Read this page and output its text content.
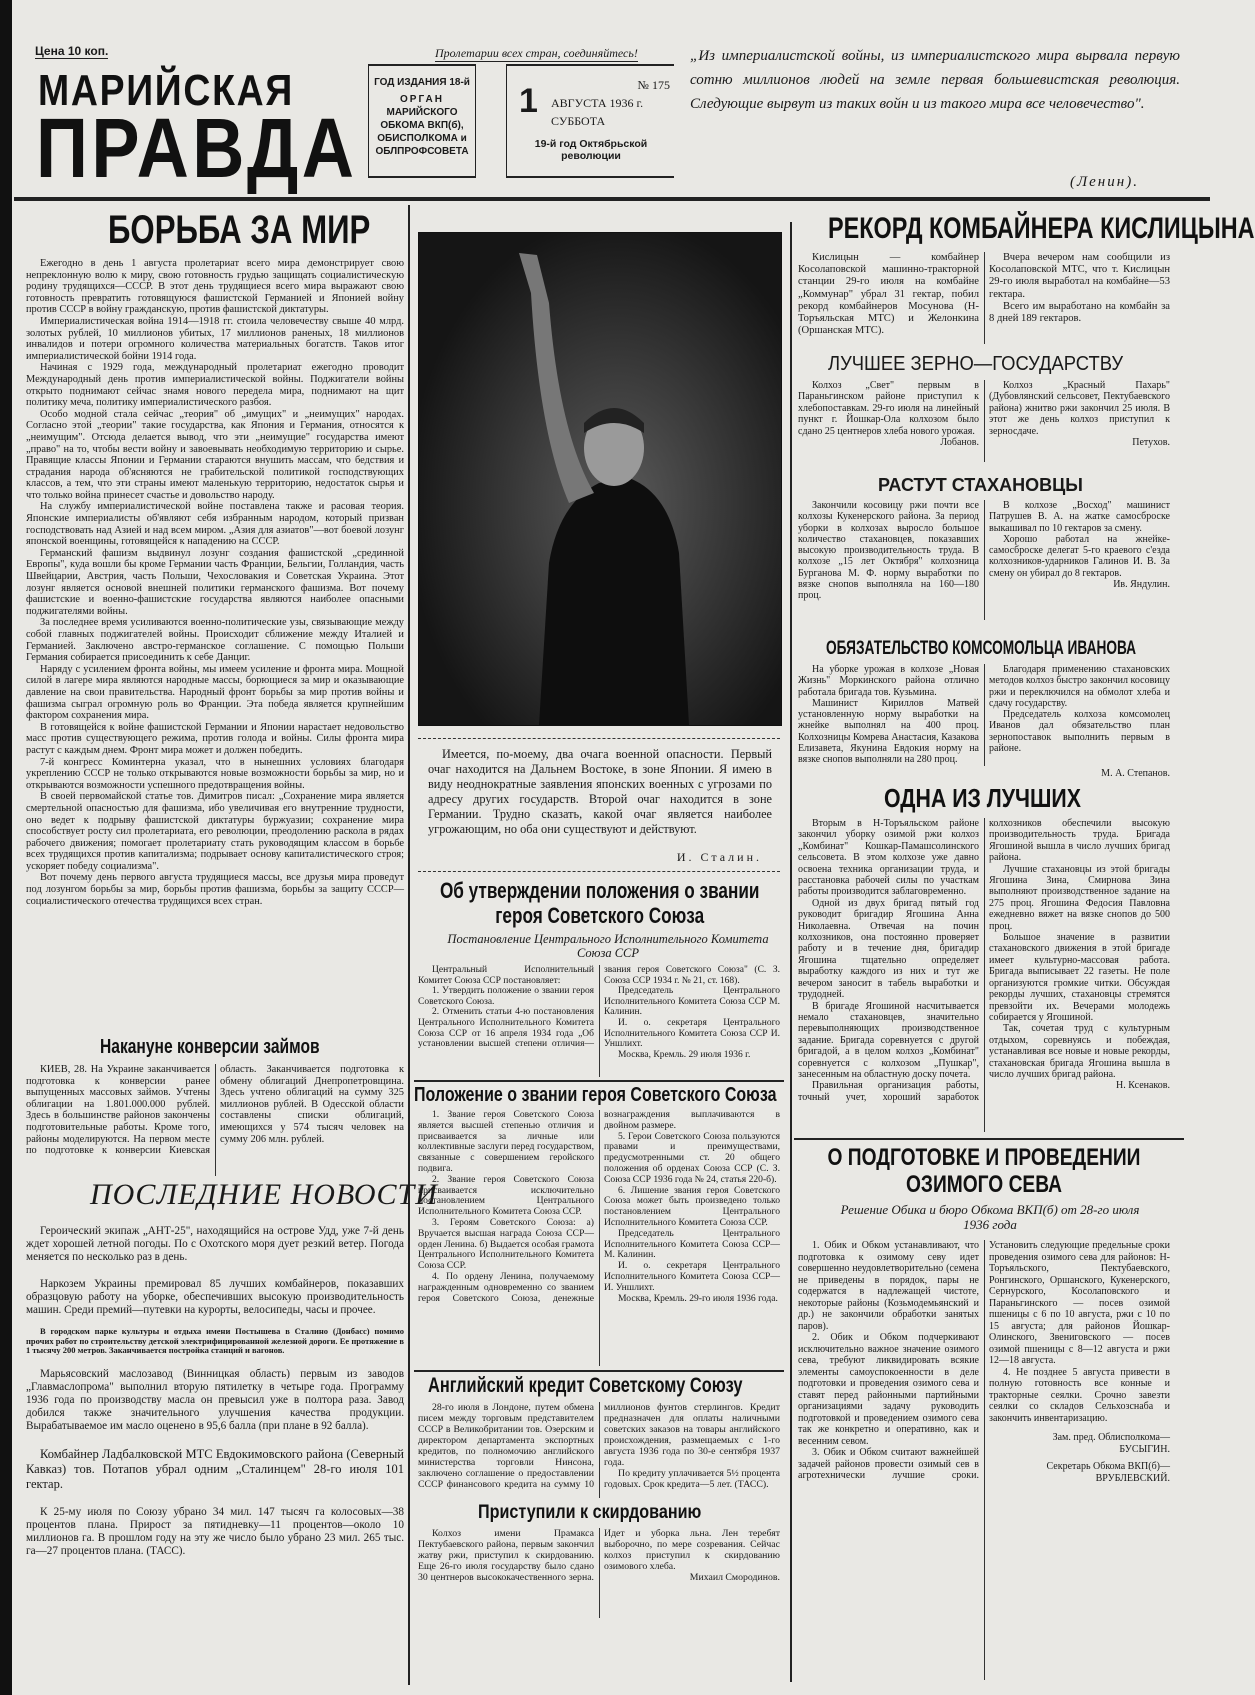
Цена 10 коп.	Пролетарии всех стран, соединяйтесь!
МАРИЙСКАЯ
ПРАВДА
ГОД ИЗДАНИЯ 18-й
ОРГАН
МАРИЙСКОГО
ОБКОМА ВКП(б),
ОБИСПОЛКОМА и
ОБЛПРОФСОВЕТА
1	№ 175
АВГУСТА 1936 г.
СУББОТА
19-й год Октябрьской революции
„Из империалистской войны, из империалистского мира вырвала первую сотню миллионов людей на земле первая большевистская революция. Следующие вырвут из таких войн и из такого мира все человечество".
(Ленин).
БОРЬБА ЗА МИР

Ежегодно в день 1 августа пролетариат всего мира демонстрирует свою непреклонную волю к миру, свою готовность грудью защищать социалистическую родину трудящихся—СССР. В этот день трудящиеся всего мира выражают свою готовность превратить готовящуюся фашистской Германией и Японией войну против СССР в войну гражданскую, против фашистской диктатуры.

Империалистическая война 1914—1918 гг. стоила человечеству свыше 40 млрд. золотых рублей, 10 миллионов убитых, 17 миллионов раненых, 18 миллионов инвалидов и потери огромного количества материальных богатств. Таков итог империалистической бойни 1914 года.

Начиная с 1929 года, международный пролетариат ежегодно проводит Международный день против империалистической войны. Поджигатели войны открыто поднимают сейчас знамя нового передела мира, поднимают на щит политику меча, политику империалистического разбоя.

Особо модной стала сейчас „теория" об „имущих" и „неимущих" народах. Согласно этой „теории" такие государства, как Япония и Германия, относятся к „неимущим". Отсюда делается вывод, что эти „неимущие" государства имеют „право" на то, чтобы вести войну и завоевывать необходимую территорию и сырье. Правящие классы Японии и Германии стараются внушить массам, что бедствия и страдания народа об'ясняются не грабительской политикой господствующих классов, а тем, что эти страны имеют маленькую территорию, недостаток сырья и что только война принесет счастье и довольство народу.

На службу империалистической войне поставлена также и расовая теория. Японские империалисты об'являют себя избранным народом, который призван господствовать над Азией и над всем миром. „Азия для азиатов"—вот боевой лозунг японской военщины, готовящейся к нападению на СССР.

Германский фашизм выдвинул лозунг создания фашистской „срединной Европы", куда вошли бы кроме Германии часть Франции, Бельгии, Голландия, часть Швейцарии, Австрия, часть Польши, Чехословакия и Советская Украина. Этот лозунг является основой внешней политики германского фашизма. Вот почему фашистские и военно-фашистские государства являются наиболее опасными поджигателями войны.

За последнее время усиливаются военно-политические узы, связывающие между собой главных поджигателей войны. Происходит сближение между Италией и Германией. Заключено австро-германское соглашение. С помощью Польши Германия собирается присоединить к себе Данциг.

Наряду с усилением фронта войны, мы имеем усиление и фронта мира. Мощной силой в лагере мира являются народные массы, борющиеся за мир и оказывающие давление на свои правительства. Народный фронт борьбы за мир против войны и фашизма сыграл огромную роль во Франции. Эта победа является крупнейшим фактором сохранения мира.

В готовящейся к войне фашистской Германии и Японии нарастает недовольство масс против существующего режима, против голода и войны. Силы фронта мира растут с каждым днем. Фронт мира может и должен победить.

7-й конгресс Коминтерна указал, что в нынешних условиях благодаря укреплению СССР не только открываются новые возможности борьбы за мир, но и открываются возможности успешного предотвращения войны.

В своей первомайской статье тов. Димитров писал: „Сохранение мира является смертельной опасностью для фашизма, ибо увеличивая его внутренние трудности, оно ведет к подрыву фашистской диктатуры буржуазии; сохранение мира способствует росту сил пролетариата, его революции, преодолению раскола в рядах рабочего движения; помогает пролетариату стать руководящим классом в борьбе всех трудящихся против капитализма; подрывает основу капиталистического строя; ускоряет победу социализма".

Вот почему день первого августа трудящиеся массы, все друзья мира проведут под лозунгом борьбы за мир, борьбы против фашизма, борьбы за защиту СССР—социалистического отечества трудящихся всех стран.

Накануне конверсии займов

КИЕВ, 28. На Украине заканчивается подготовка к конверсии ранее выпущенных массовых займов. Учтены облигации на 1.801.000.000 рублей. Здесь в большинстве районов закончены подготовительные работы. Кроме того, районы моделируются. На первом месте по подготовке к конверсии Киевская область. Заканчивается подготовка к обмену облигаций Днепропетровщина. Здесь учтено облигаций на сумму 325 миллионов рублей. В Одесской области составлены списки облигаций, имеющихся у 574 тысяч человек на сумму 206 млн. рублей.

ПОСЛЕДНИЕ НОВОСТИ

Героический экипаж „АНТ-25", находящийся на острове Удд, уже 7-й день ждет хорошей летной погоды. По с Охотского моря дует резкий ветер. Погода меняется по несколько раз в день.

Наркозем Украины премировал 85 лучших комбайнеров, показавших образцовую работу на уборке, обеспечивших высокую производительность машин. Среди премий—путевки на курорты, велосипеды, часы и прочее.

В городском парке культуры и отдыха имени Постышева в Сталино (Донбасс) помимо прочих работ по строительству детской электрифицированной железной дороги. Ее протяжение в 1 тысячу 200 метров. Заканчивается постройка станций и вагонов.

Марьясовский маслозавод (Винницкая область) первым из заводов „Главмаслопрома" выполнил вторую пятилетку в четыре года. Программу 1936 года по производству масла он превысил уже в полтора раза. Завод добился также значительного улучшения качества продукции. Вырабатываемое им масло оценено в 95,6 балла (при плане в 92 балла).

Комбайнер Ладбалковской МТС Евдокимовского района (Северный Кавказ) тов. Потапов убрал одним „Сталинцем" 28-го июля 101 гектар.

К 25-му июля по Союзу убрано 34 мил. 147 тысяч га колосовых—38 процентов плана. Прирост за пятидневку—11 процентов—около 10 миллионов га. В прошлом году на эту же число было убрано 23 мил. 265 тыс. га—27 процентов плана. (ТАСС).

Имеется, по-моему, два очага военной опасности. Первый очаг находится на Дальнем Востоке, в зоне Японии. Я имею в виду неоднократные заявления японских военных с угрозами по адресу других государств. Второй очаг находится в зоне Германии. Трудно сказать, какой очаг является наиболее угрожающим, но оба они существуют и действуют.

И. Сталин.
Об утверждении положения о звании героя Советского Союза
Постановление Центрального Исполнительного Комитета Союза ССР

Центральный Исполнительный Комитет Союза ССР постановляет:

1. Утвердить положение о звании героя Советского Союза.

2. Отменить статьи 4-ю постановления Центрального Исполнительного Комитета Союза ССР от 16 апреля 1934 года „Об установлении высшей степени отличия—звания героя Советского Союза" (С. З. Союза ССР 1934 г. № 21, ст. 168).

Председатель Центрального Исполнительного Комитета Союза ССР М. Калинин.

И. о. секретаря Центрального Исполнительного Комитета Союза ССР И. Уншлихт.

Москва, Кремль. 29 июля 1936 г.

Положение о звании героя Советского Союза

1. Звание героя Советского Союза является высшей степенью отличия и присваивается за личные или коллективные заслуги перед государством, связанные с совершением геройского подвига.

2. Звание героя Советского Союза присваивается исключительно постановлением Центрального Исполнительного Комитета Союза ССР.

3. Героям Советского Союза: а) Вручается высшая награда Союза ССР—орден Ленина. б) Выдается особая грамота Центрального Исполнительного Комитета Союза ССР.

4. По ордену Ленина, получаемому награжденным одновременно со званием героя Советского Союза, денежные вознаграждения выплачиваются в двойном размере.

5. Герои Советского Союза пользуются правами и преимуществами, предусмотренными ст. 20 общего положения об орденах Союза ССР (С. З. Союза ССР 1936 года № 24, статья 220-б).

6. Лишение звания героя Советского Союза может быть произведено только постановлением Центрального Исполнительного Комитета Союза ССР.

Председатель Центрального Исполнительного Комитета Союза ССР—М. Калинин.

И. о. секретаря Центрального Исполнительного Комитета Союза ССР—И. Уншлихт.

Москва, Кремль. 29-го июля 1936 года.

Английский кредит Советскому Союзу

28-го июля в Лондоне, путем обмена писем между торговым представителем СССР в Великобритании тов. Озерским и директором департамента экспортных кредитов, по полномочию английского министерства торговли Нинсона, заключено соглашение о предоставлении СССР финансового кредита на сумму 10 миллионов фунтов стерлингов. Кредит предназначен для оплаты наличными советских заказов на товары английского происхождения, размещаемых с 1-го августа 1936 года по 30-е сентября 1937 года.

По кредиту уплачивается 5½ процента годовых. Срок кредита—5 лет. (ТАСС).

Приступили к скирдованию

Колхоз имени Прамакса Пектубаевского района, первым закончил жатву ржи, приступил к скирдованию. Еще 26-го июля государству было сдано 30 центнеров высококачественного зерна. Идет и уборка льна. Лен теребят выборочно, по мере созревания. Сейчас колхоз приступил к скирдованию озимового хлеба.

Михаил Смородинов.

РЕКОРД КОМБАЙНЕРА КИСЛИЦЫНА

Кислицын — комбайнер Косолаповской машинно-тракторной станции 29-го июля на комбайне „Коммунар" убрал 31 гектар, побил рекорд комбайнеров Мосунова (Н-Торъяльская МТС) и Желонкина (Оршанская МТС).

Вчера вечером нам сообщили из Косолаповской МТС, что т. Кислицын 29-го июля выработал на комбайне—53 гектара.

Всего им выработано на комбайн за 8 дней 189 гектаров.

ЛУЧШЕЕ ЗЕРНО—ГОСУДАРСТВУ

Колхоз „Свет" первым в Параньгинском районе приступил к хлебопоставкам. 29-го июля на линейный пункт г. Йошкар-Ола колхозом было сдано 25 центнеров хлеба нового урожая.

Лобанов.

Колхоз „Красный Пахарь" (Дубовлянский сельсовет, Пектубаевского района) жнитво ржи закончил 25 июля. В этот же день колхоз приступил к зерносдаче.

Петухов.

РАСТУТ СТАХАНОВЦЫ

Закончили косовицу ржи почти все колхозы Кукенерского района. За период уборки в колхозах выросло большое количество стахановцев, показавших высокую производительность труда. В колхозе „15 лет Октября" колхозница Бурганова М. Ф. норму выработки по вязке снопов выполняла на 160—180 проц.

В колхозе „Восход" машинист Патрушев В. А. на жатке самосброске выкашивал по 10 гектаров за смену.

Хорошо работал на жнейке-самосброске делегат 5-го краевого с'езда колхозников-ударников Галинов И. В. За смену он убирал до 8 гектаров.

Ив. Яндулин.

ОБЯЗАТЕЛЬСТВО КОМСОМОЛЬЦА ИВАНОВА

На уборке урожая в колхозе „Новая Жизнь" Моркинского района отлично работала бригада тов. Кузьмина.

Машинист Кириллов Матвей установленную норму выработки на жнейке выполнял на 400 проц. Колхозницы Комрева Анастасия, Казакова Елизавета, Якунина Евдокия норму на вязке снопов выполняли на 280 проц.

Благодаря применению стахановских методов колхоз быстро закончил косовицу ржи и переключился на обмолот хлеба и сдачу государству.

Председатель колхоза комсомолец Иванов дал обязательство план зернопоставок выполнить первым в районе.

М. А. Степанов.
ОДНА ИЗ ЛУЧШИХ

Вторым в Н-Торъяльском районе закончил уборку озимой ржи колхоз „Комбинат" Кошкар-Памашсолинского сельсовета. В этом колхозе уже давно освоена техника организации труда, и расстановка рабочей силы по участкам работы производится заблаговременно.

Одной из двух бригад пятый год руководит бригадир Ягошина Анна Николаевна. Отвечая на почин колхозников, она постоянно проверяет работу и в течение дня, бригадир Ягошина тщательно определяет выработку каждого из них и тут же вечером заносит в табель выработки и трудодней.

В бригаде Ягошиной насчитывается немало стахановцев, значительно перевыполняющих производственное задание. Бригада соревнуется с другой бригадой, а в целом колхоз „Комбинат" соревнуется с колхозом „Пушкар", занесенным на областную доску почета.

Правильная организация работы, точный учет, хороший заработок колхозников обеспечили высокую производительность труда. Бригада Ягошиной вышла в число лучших бригад района.

Лучшие стахановцы из этой бригады Ягошина Зина, Смирнова Зина выполняют производственное задание на 275 проц. Ягошина Федосия Павловна ежедневно вяжет на вязке снопов до 500 проц.

Большое значение в развитии стахановского движения в этой бригаде имеет культурно-массовая работа. Бригада выписывает 22 газеты. Не поле организуются громкие читки. Обсуждая рекорды лучших, стахановцы стремятся превзойти их. Вечерами молодежь собирается у Ягошиной.

Так, сочетая труд с культурным отдыхом, соревнуясь и побеждая, устанавливая все новые и новые рекорды, стахановская бригада Ягошина вышла в число лучших бригад района.

Н. Ксенаков.

О ПОДГОТОВКЕ И ПРОВЕДЕНИИ ОЗИМОГО СЕВА
Решение Обика и бюро Обкома ВКП(б) от 28-го июля 1936 года

1. Обик и Обком устанавливают, что подготовка к озимому севу идет совершенно неудовлетворительно (семена не приведены в порядок, пары не содержатся в надлежащей чистоте, некоторые районы (Козьмодемьянский и др.) не закончили обработки занятых паров).

2. Обик и Обком подчеркивают исключительно важное значение озимого сева, требуют ликвидировать всякие элементы самоуспокоенности в деле подготовки и проведения озимого сева и ставят перед районными партийными организациями задачу руководить подготовкой и проведением озимого сева так же конкретно и оперативно, как и весенним севом.

3. Обик и Обком считают важнейшей задачей районов провести озимый сев в агротехнически лучшие сроки. Установить следующие предельные сроки проведения озимого сева для районов: Н-Торъяльского, Пектубаевского, Ронгинского, Оршанского, Кукенерского, Сернурского, Косолаповского и Параньгинского — посев озимой пшеницы с 6 по 10 августа, ржи с 10 по 15 августа; для районов Йошкар-Олинского, Звениговского — посев озимой пшеницы с 8—12 августа и ржи 12—18 августа.

4. Не позднее 5 августа привести в полную готовность все конные и тракторные сеялки. Срочно завезти сеялки со складов Сельхозснаба и закончить инвентаризацию.

Зам. пред. Облисполкома—БУСЫГИН.

Секретарь Обкома ВКП(б)—ВРУБЛЕВСКИЙ.
